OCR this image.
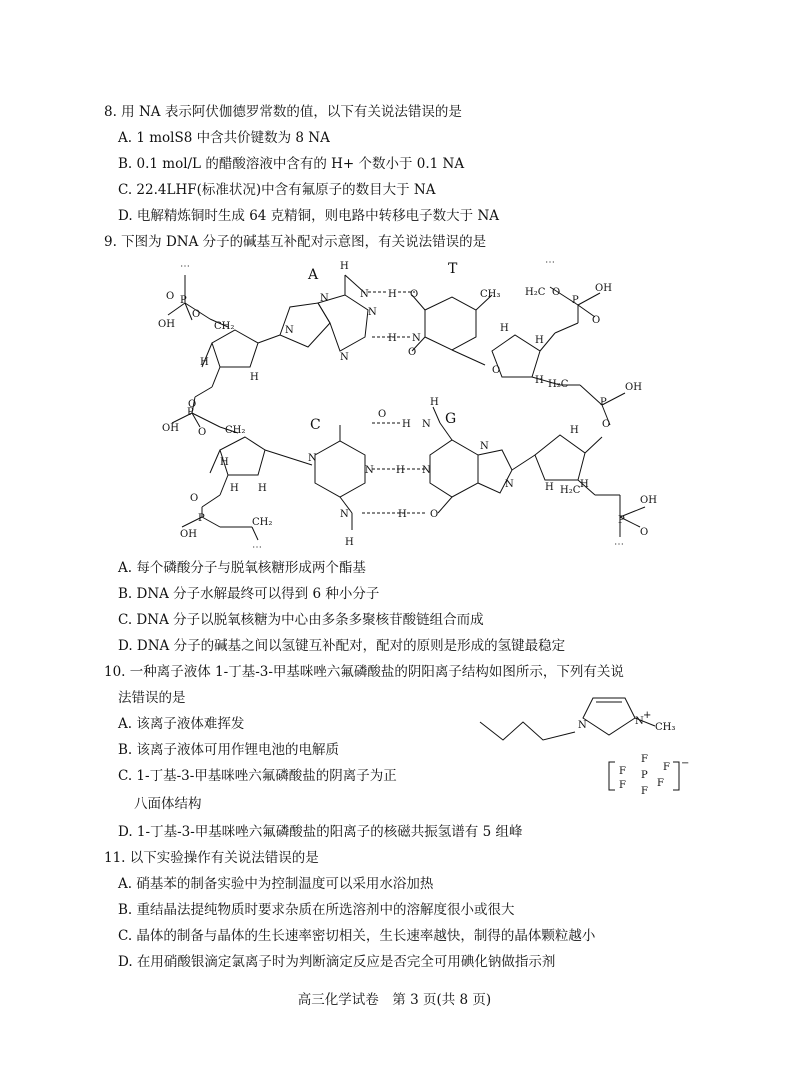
8. 用 NA 表示阿伏伽德罗常数的值，以下有关说法错误的是
A. 1 molS8 中含共价键数为 8 NA
B. 0.1 mol/L 的醋酸溶液中含有的 H+ 个数小于 0.1 NA
C. 22.4LHF(标准状况)中含有氟原子的数目大于 NA
D. 电解精炼铜时生成 64 克精铜，则电路中转移电子数大于 NA
9. 下图为 DNA 分子的碱基互补配对示意图，有关说法错误的是
⋯
O P
O
OH	CH₂
O
P
OH O CH₂
O
P
OH
CH₂
⋯
⋯
H₂C O
P
OH
O
H₂C
P
OH
O
H₂C
P
OH
O
⋯
H
N H O	CH₃
H N
O
O
H N
H
N H N
N	H O
H
N
N
N
N
N
N
N
H
H
O
H
H
H
H
H
H
H
H
H
A	T
C	G
A. 每个磷酸分子与脱氧核糖形成两个酯基
B. DNA 分子水解最终可以得到 6 种小分子
C. DNA 分子以脱氧核糖为中心由多条多聚核苷酸链组合而成
D. DNA 分子的碱基之间以氢键互补配对，配对的原则是形成的氢键最稳定
10. 一种离子液体 1-丁基-3-甲基咪唑六氟磷酸盐的阴阳离子结构如图所示，下列有关说
法错误的是
A. 该离子液体难挥发
B. 该离子液体可用作锂电池的电解质
C. 1-丁基-3-甲基咪唑六氟磷酸盐的阴离子为正
八面体结构
D. 1-丁基-3-甲基咪唑六氟磷酸盐的阳离子的核磁共振氢谱有 5 组峰
N	N
+
CH₃
F
F	F
P
F	F
F
−
11. 以下实验操作有关说法错误的是
A. 硝基苯的制备实验中为控制温度可以采用水浴加热
B. 重结晶法提纯物质时要求杂质在所选溶剂中的溶解度很小或很大
C. 晶体的制备与晶体的生长速率密切相关，生长速率越快，制得的晶体颗粒越小
D. 在用硝酸银滴定氯离子时为判断滴定反应是否完全可用碘化钠做指示剂
高三化学试卷　第 3 页(共 8 页)
